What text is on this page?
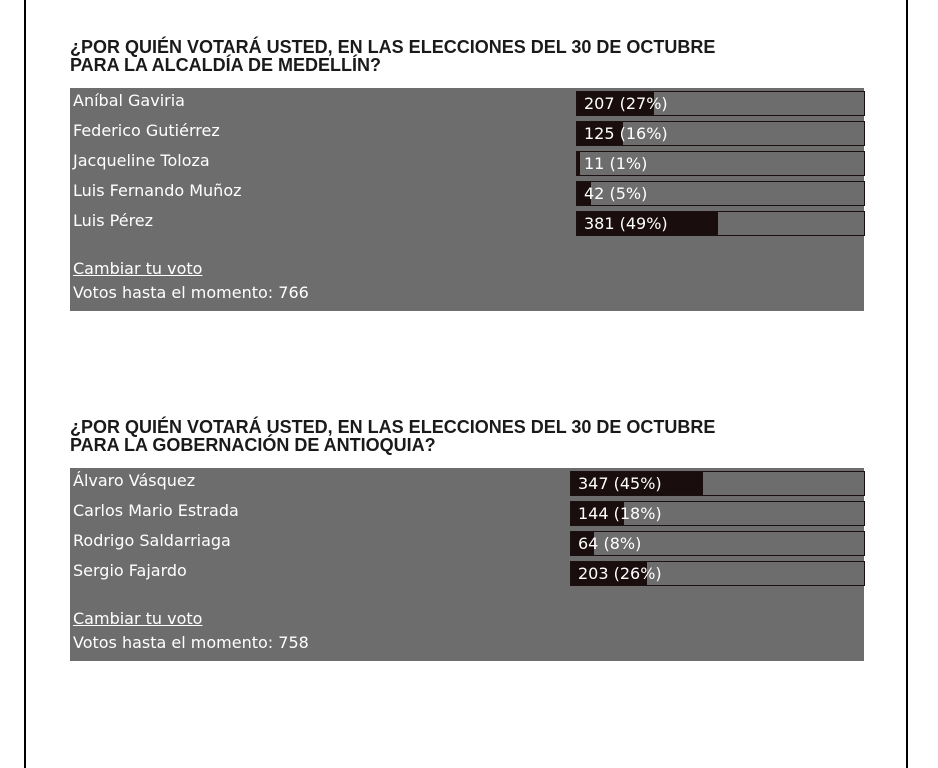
¿POR QUIÉN VOTARÁ USTED, EN LAS ELECCIONES DEL 30 DE OCTUBRE
PARA LA ALCALDÍA DE MEDELLÍN?
Aníbal Gaviria	207 (27%)
Federico Gutiérrez	125 (16%)
Jacqueline Toloza	11 (1%)
Luis Fernando Muñoz	42 (5%)
Luis Pérez	381 (49%)
Cambiar tu voto
Votos hasta el momento: 766
¿POR QUIÉN VOTARÁ USTED, EN LAS ELECCIONES DEL 30 DE OCTUBRE
PARA LA GOBERNACIÓN DE ANTIOQUIA?
Álvaro Vásquez	347 (45%)
Carlos Mario Estrada	144 (18%)
Rodrigo Saldarriaga	64 (8%)
Sergio Fajardo	203 (26%)
Cambiar tu voto
Votos hasta el momento: 758
